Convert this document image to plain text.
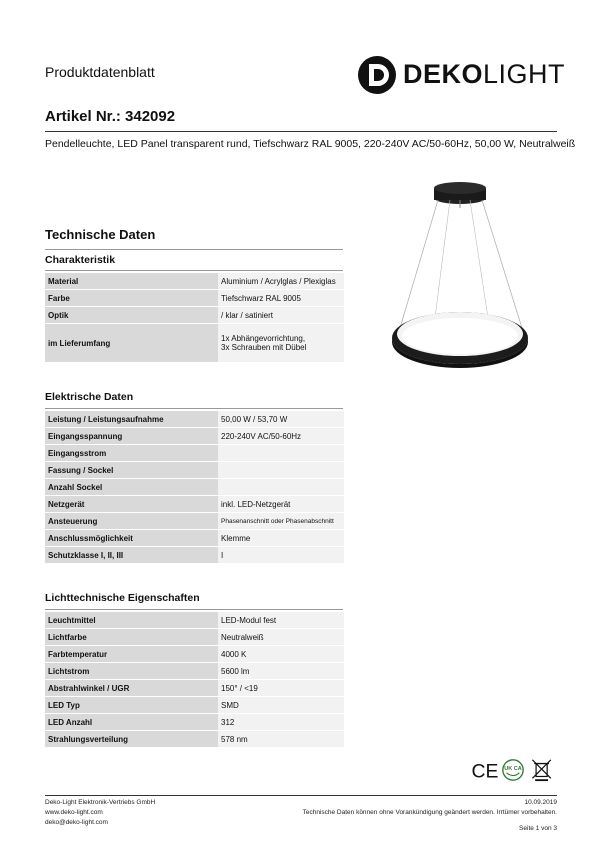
Produktdatenblatt	DEKOLIGHT
Artikel Nr.: 342092
Pendelleuchte, LED Panel transparent rund, Tiefschwarz RAL 9005, 220-240V AC/50-60Hz, 50,00 W, Neutralweiß
Technische Daten
Charakteristik
Material	Aluminium / Acrylglas / Plexiglas
Farbe	Tiefschwarz RAL 9005
Optik	/ klar / satiniert
im Lieferumfang	1x Abhängevorrichtung,
3x Schrauben mit Dübel
Elektrische Daten
Leistung / Leistungsaufnahme	50,00 W / 53,70 W
Eingangsspannung	220-240V AC/50-60Hz
Eingangsstrom	
Fassung / Sockel	
Anzahl Sockel	
Netzgerät	inkl. LED-Netzgerät
Ansteuerung	Phasenanschnitt oder Phasenabschnitt
Anschlussmöglichkeit	Klemme
Schutzklasse I, II, III	I
Lichttechnische Eigenschaften
Leuchtmittel	LED-Modul fest
Lichtfarbe	Neutralweiß
Farbtemperatur	4000 K
Lichtstrom	5600 lm
Abstrahlwinkel / UGR	150° / <19
LED Typ	SMD
LED Anzahl	312
Strahlungsverteilung	578 nm
CE UK CA
Deko-Light Elektronik-Vertriebs GmbH
www.deko-light.com
deko@deko-light.com
10.09.2019
Technische Daten können ohne Vorankündigung geändert werden. Irrtümer vorbehalten.
Seite 1 von 3
